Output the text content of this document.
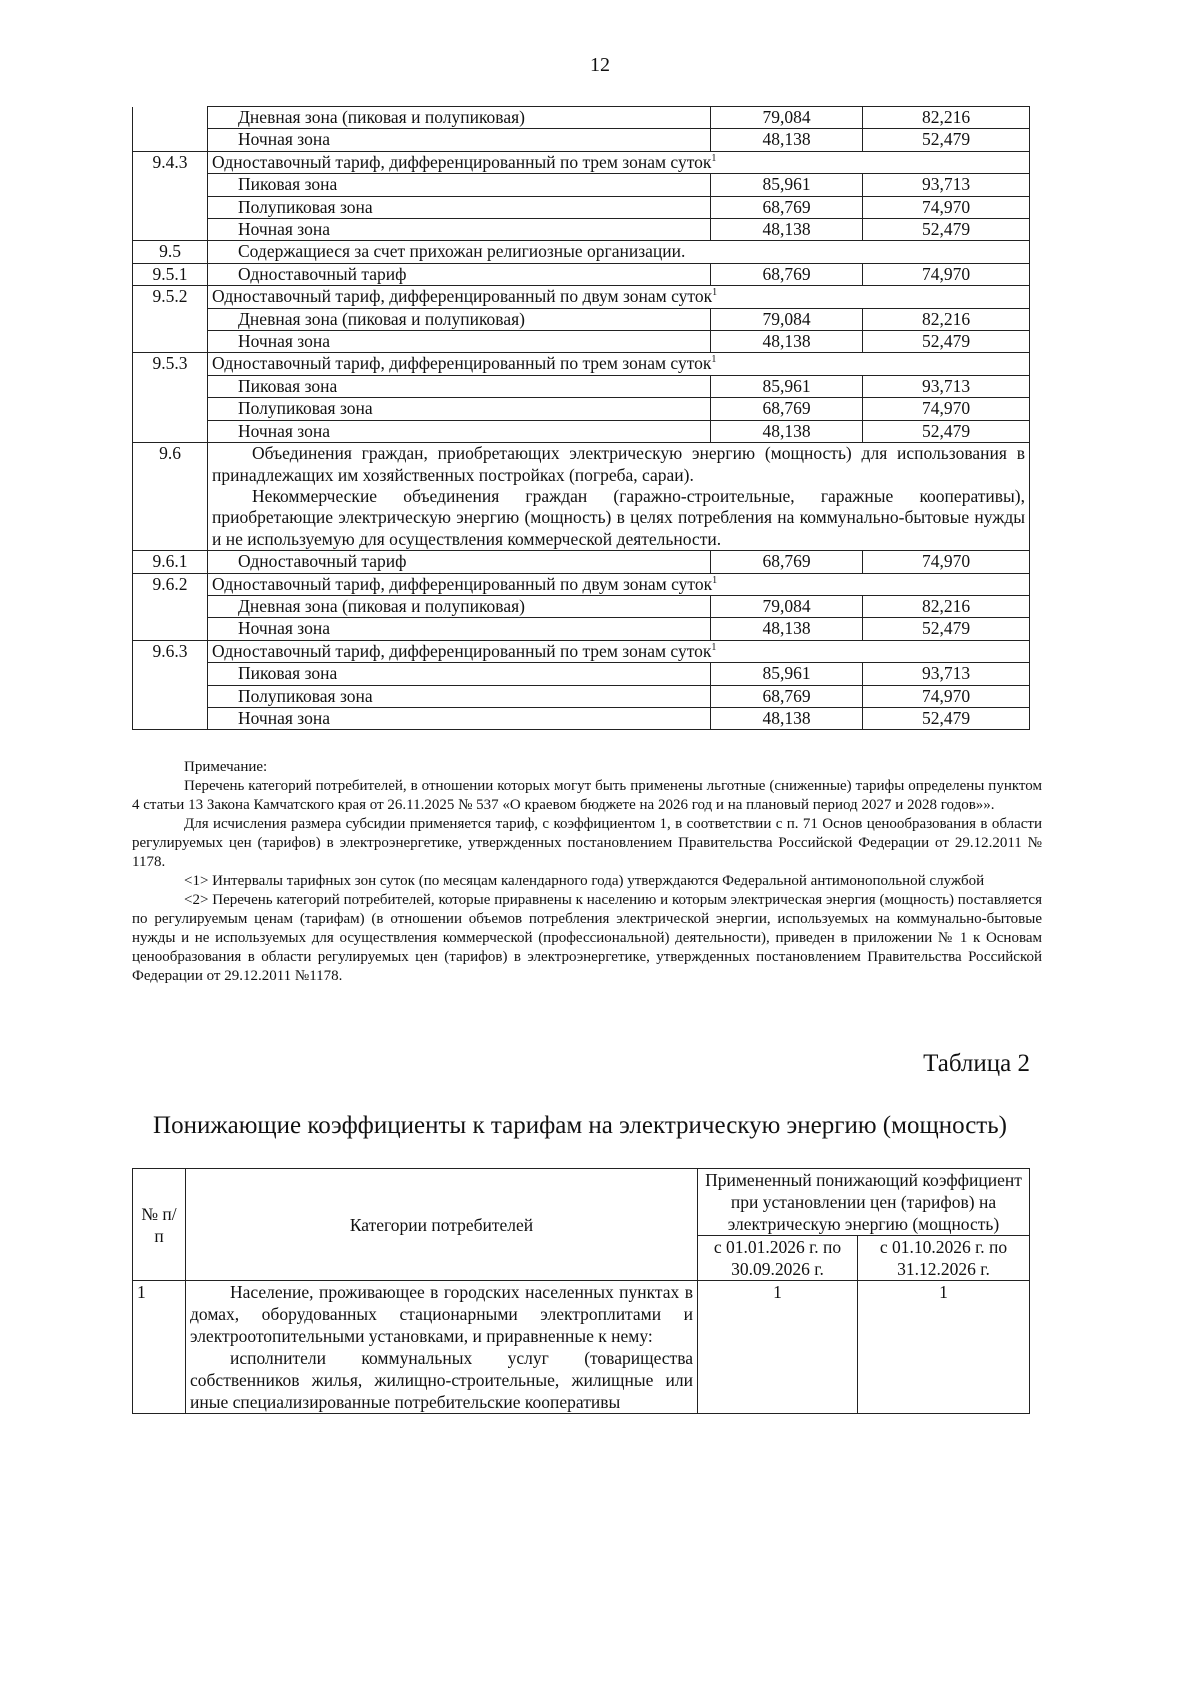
12
	Дневная зона (пиковая и полупиковая)	79,084	82,216
	Ночная зона	48,138	52,479
9.4.3	Одноставочный тариф, дифференцированный по трем зонам суток$^1$
	Пиковая зона	85,961	93,713
	Полупиковая зона	68,769	74,970
	Ночная зона	48,138	52,479
9.5	Содержащиеся за счет прихожан религиозные организации.		
9.5.1	Одноставочный тариф	68,769	74,970
9.5.2	Одноставочный тариф, дифференцированный по двум зонам суток$^1$
	Дневная зона (пиковая и полупиковая)	79,084	82,216
	Ночная зона	48,138	52,479
9.5.3	Одноставочный тариф, дифференцированный по трем зонам суток$^1$
	Пиковая зона	85,961	93,713
	Полупиковая зона	68,769	74,970
	Ночная зона	48,138	52,479
9.6	Объединения граждан, приобретающих электрическую энергию (мощность) для использования в принадлежащих им хозяйственных постройках (погреба, сараи).
Некоммерческие объединения граждан (гаражно-строительные, гаражные кооперативы), приобретающие электрическую энергию (мощность) в целях потребления на коммунально-бытовые нужды и не используемую для осуществления коммерческой деятельности.		

9.6.1	Одноставочный тариф	68,769	74,970
9.6.2	Одноставочный тариф, дифференцированный по двум зонам суток$^1$
	Дневная зона (пиковая и полупиковая)	79,084	82,216
	Ночная зона	48,138	52,479
9.6.3	Одноставочный тариф, дифференцированный по трем зонам суток$^1$
	Пиковая зона	85,961	93,713
	Полупиковая зона	68,769	74,970
	Ночная зона	48,138	52,479

Примечание:

Перечень категорий потребителей, в отношении которых могут быть применены льготные (сниженные) тарифы определены пунктом 4 статьи 13 Закона Камчатского края от 26.11.2025 № 537 «О краевом бюджете на 2026 год и на плановый период 2027 и 2028 годов»».

Для исчисления размера субсидии применяется тариф, с коэффициентом 1, в соответствии с п. 71 Основ ценообразования в области регулируемых цен (тарифов) в электроэнергетике, утвержденных постановлением Правительства Российской Федерации от 29.12.2011 № 1178.

<1> Интервалы тарифных зон суток (по месяцам календарного года) утверждаются Федеральной антимонопольной службой

<2> Перечень категорий потребителей, которые приравнены к населению и которым электрическая энергия (мощность) поставляется по регулируемым ценам (тарифам) (в отношении объемов потребления электрической энергии, используемых на коммунально-бытовые нужды и не используемых для осуществления коммерческой (профессиональной) деятельности), приведен в приложении № 1 к Основам ценообразования в области регулируемых цен (тарифов) в электроэнергетике, утвержденных постановлением Правительства Российской Федерации от 29.12.2011 №1178.

Таблица 2
Понижающие коэффициенты к тарифам на электрическую энергию (мощность)
№ п/п	Категории потребителей	Примененный понижающий коэффициент при установлении цен (тарифов) на электрическую энергию (мощность)	
		с 01.01.2026 г. по 30.09.2026 г.	с 01.10.2026 г. по 31.12.2026 г.
1	Население, проживающее в городских населенных пунктах в домах, оборудованных стационарными электроплитами и электроотопительными установками, и приравненные к нему:
исполнители коммунальных услуг (товарищества собственников жилья, жилищно-строительные, жилищные или иные специализированные потребительские кооперативы	1	1
